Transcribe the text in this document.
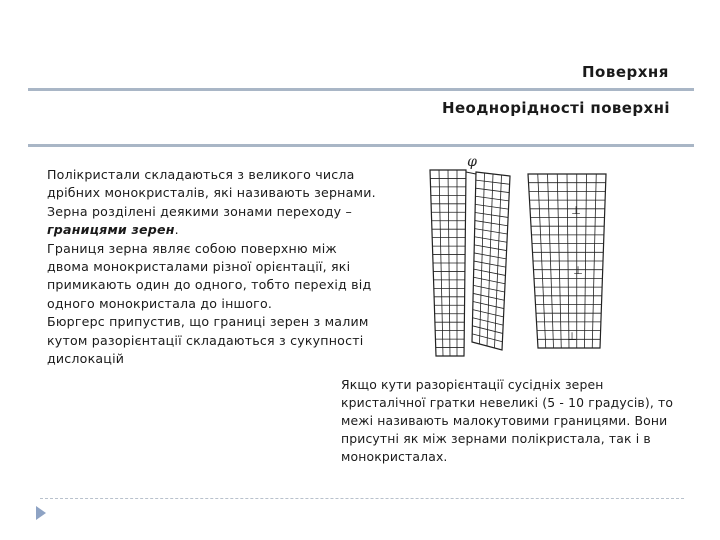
Поверхня
Неоднорідності поверхні

Полікристали складаються з великого числа дрібних монокристалів, які називають зернами. Зерна розділені деякими зонами переходу – границями зерен.

Границя зерна являє собою поверхню між двома монокристалами різної орієнтації, які примикають один до одного, тобто перехід від одного монокристала до іншого.

Бюргерс припустив, що границі зерен з малим кутом разорієнтації складаються з сукупності дислокацій

φ
⊥
⊥
⊥
Якщо кути разорієнтації сусідніх зерен кристалічної гратки невеликі (5 - 10 градусів), то межі називають малокутовими границями. Вони присутні як між зернами полікристала, так і в монокристалах.
